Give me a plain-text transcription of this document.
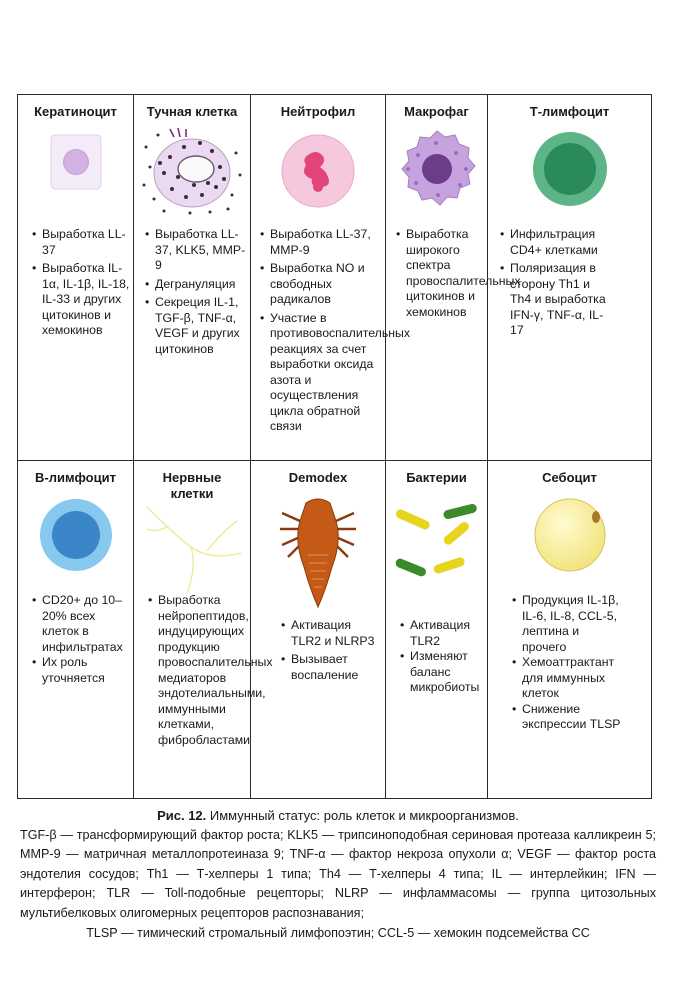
Кератиноцит
• Выработка LL-37
• Выработка IL-1α, IL-1β, IL-18, IL-33 и других цитокинов и хемокинов
Тучная клетка
• Выработка LL-37, KLK5, MMP-9
• Дегрануляция
• Секреция IL-1, TGF-β, TNF-α, VEGF и других цитокинов
Нейтрофил
• Выработка LL-37, MMP-9
• Выработка NO и свободных радикалов
• Участие в противовоспалительных реакциях за счет выработки оксида азота и осуществления цикла обратной связи
Макрофаг
• Выработка широкого спектра провоспалительных цитокинов и хемокинов
Т-лимфоцит
• Инфильтрация CD4+ клетками
• Поляризация в сторону Th1 и Th4 и выработка IFN-γ, TNF-α, IL-17
В-лимфоцит
• CD20+ до 10–20% всех клеток в инфильтратах
• Их роль уточняется
Нервные клетки
• Выработка нейропептидов, индуцирующих продукцию провоспалительных медиаторов эндотелиальными, иммунными клетками, фибробластами
Demodex
• Активация TLR2 и NLRP3
• Вызывает воспаление
Бактерии
• Активация TLR2
• Изменяют баланс микробиоты
Себоцит
• Продукция IL-1β, IL-6, IL-8, CCL-5, лептина и прочего
• Хемоаттрактант для иммунных клеток
• Снижение экспрессии TLSP
Рис. 12. Иммунный статус: роль клеток и микроорганизмов.
TGF-β — трансформирующий фактор роста; KLK5 — трипсиноподобная сериновая протеаза калликреин 5; MMP-9 — матричная металлопротеиназа 9; TNF-α — фактор некроза опухоли α; VEGF — фактор роста эндотелия сосудов; Th1 — Т-хелперы 1 типа; Th4 — Т-хелперы 4 типа; IL — интерлейкин; IFN — интерферон; TLR — Toll-подобные рецепторы; NLRP — инфламмасомы — группа цитозольных мультибелковых олигомерных рецепторов распознавания;
TLSP — тимический стромальный лимфопоэтин; CCL-5 — хемокин подсемейства CC
